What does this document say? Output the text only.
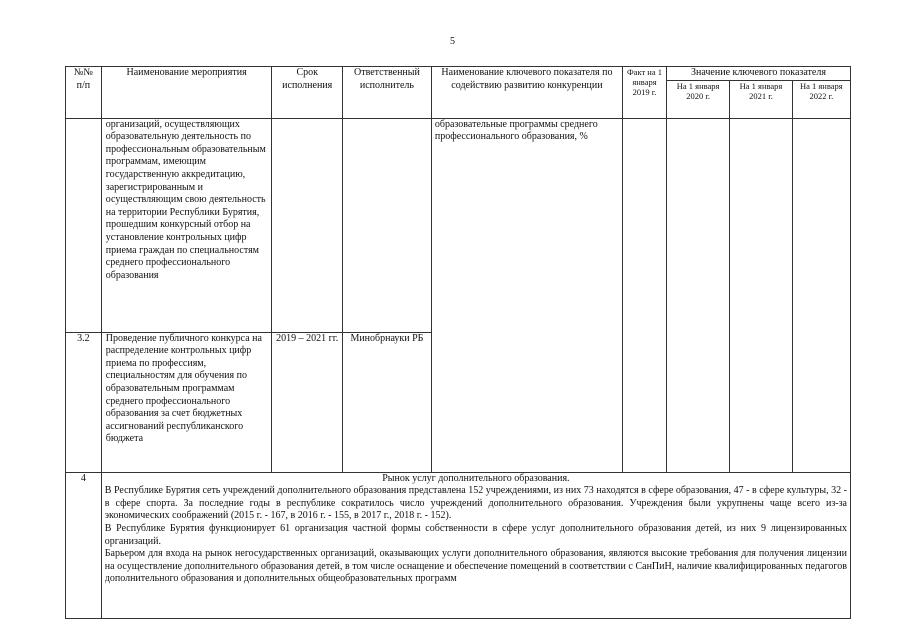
5
№№ п/п	Наименование мероприятия	Срок исполнения	Ответственный исполнитель	Наименование ключевого показателя по содействию развитию конкуренции	Факт на 1 января 2019 г.	Значение ключевого показателя		
						На 1 января 2020 г.	На 1 января 2021 г.	На 1 января 2022 г.
	организаций, осуществляющих образовательную деятельность по профессиональным образовательным программам, имеющим государственную аккредитацию, зарегистрированным и осуществляющим свою деятельность на территории Республики Бурятия, прошедшим конкурсный отбор на установление контрольных цифр приема граждан по специальностям среднего профессионального образования			образовательные программы среднего профессионального образования, %				
3.2	Проведение публичного конкурса на распределение контрольных цифр приема по профессиям, специальностям для обучения по образовательным программам среднего профессионального образования за счет бюджетных ассигнований республиканского бюджета	2019 – 2021 гг.	Минобрнауки РБ					
4	Рынок услуг дополнительного образования.
В Республике Бурятия сеть учреждений дополнительного образования представлена 152 учреждениями, из них 73 находятся в сфере образования, 47 - в сфере культуры, 32 - в сфере спорта. За последние годы в республике сократилось число учреждений дополнительного образования. Учреждения были укрупнены чаще всего из-за экономических соображений (2015 г. - 167, в 2016 г. - 155, в 2017 г., 2018 г. - 152).
В Республике Бурятия функционирует 61 организация частной формы собственности в сфере услуг дополнительного образования детей, из них 9 лицензированных организаций.
Барьером для входа на рынок негосударственных организаций, оказывающих услуги дополнительного образования, являются высокие требования для получения лицензии на осуществление дополнительного образования детей, в том числе оснащение и обеспечение помещений в соответствии с СанПиН, наличие квалифицированных педагогов дополнительного образования и дополнительных общеобразовательных программ							
